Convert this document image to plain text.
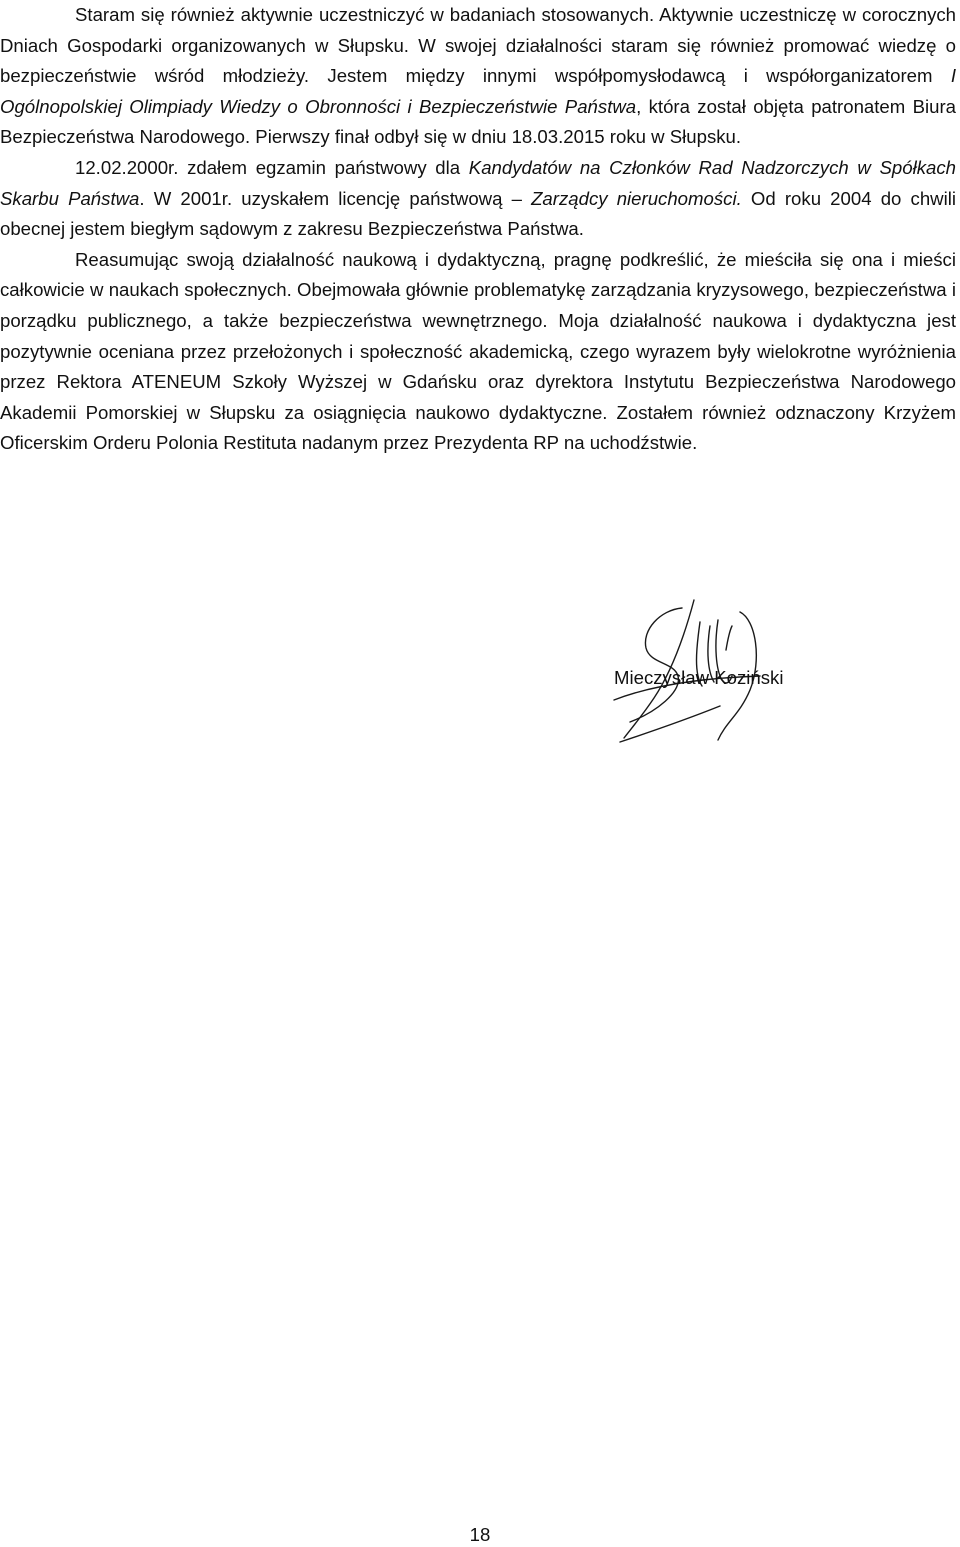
Staram się również aktywnie uczestniczyć w badaniach stosowanych. Aktywnie uczestniczę w corocznych Dniach Gospodarki organizowanych w Słupsku. W swojej działalności staram się również promować wiedzę o bezpieczeństwie wśród młodzieży. Jestem między innymi współpomysłodawcą i współorganizatorem I Ogólnopolskiej Olimpiady Wiedzy o Obronności i Bezpieczeństwie Państwa, która został objęta patronatem Biura Bezpieczeństwa Narodowego. Pierwszy finał odbył się w dniu 18.03.2015 roku w Słupsku.

12.02.2000r. zdałem egzamin państwowy dla Kandydatów na Członków Rad Nadzorczych w Spółkach Skarbu Państwa. W 2001r. uzyskałem licencję państwową – Zarządcy nieruchomości. Od roku 2004 do chwili obecnej jestem biegłym sądowym z zakresu Bezpieczeństwa Państwa.

Reasumując swoją działalność naukową i dydaktyczną, pragnę podkreślić, że mieściła się ona i mieści całkowicie w naukach społecznych. Obejmowała głównie problematykę zarządzania kryzysowego, bezpieczeństwa i porządku publicznego, a także bezpieczeństwa wewnętrznego. Moja działalność naukowa i dydaktyczna jest pozytywnie oceniana przez przełożonych i społeczność akademicką, czego wyrazem były wielokrotne wyróżnienia przez Rektora ATENEUM Szkoły Wyższej w Gdańsku oraz dyrektora Instytutu Bezpieczeństwa Narodowego Akademii Pomorskiej w Słupsku za osiągnięcia naukowo dydaktyczne. Zostałem również odznaczony Krzyżem Oficerskim Orderu Polonia Restituta nadanym przez Prezydenta RP na uchodźstwie.

Mieczysław Koziński
18
